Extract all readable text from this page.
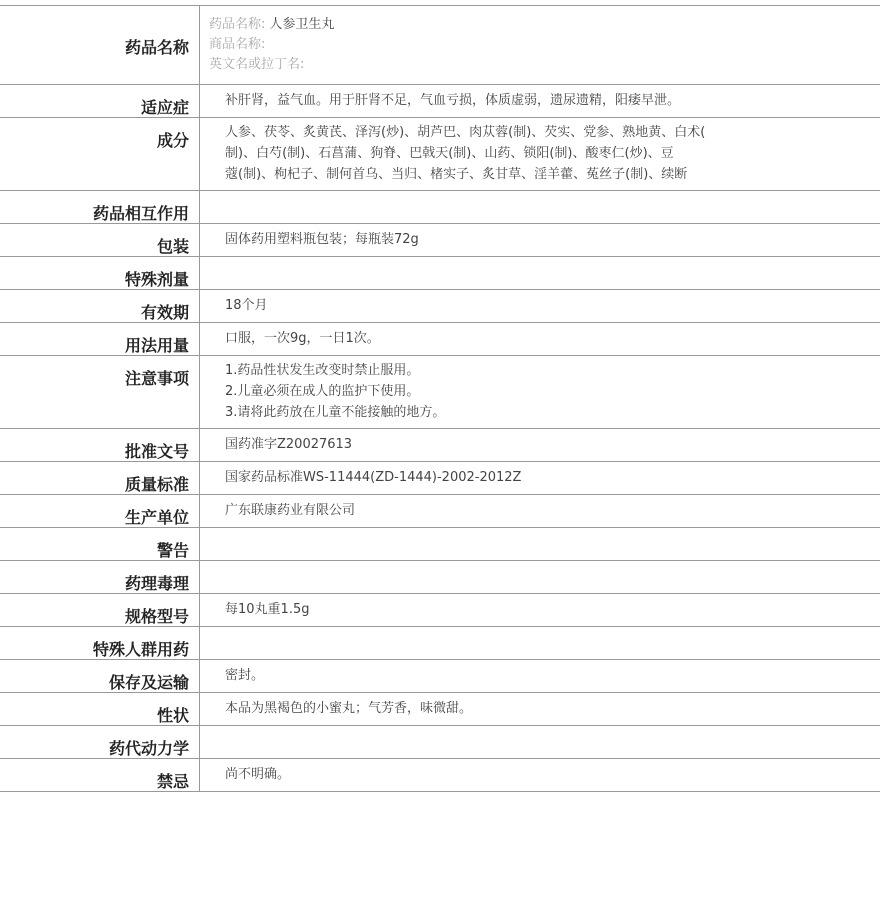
药品名称
药品名称: 人参卫生丸
商品名称:
英文名或拉丁名:
适应症	补肝肾，益气血。用于肝肾不足，气血亏损，体质虚弱，遗尿遗精，阳痿早泄。
成分	人参、茯苓、炙黄芪、泽泻(炒)、胡芦巴、肉苁蓉(制)、芡实、党参、熟地黄、白术(
制)、白芍(制)、石菖蒲、狗脊、巴戟天(制)、山药、锁阳(制)、酸枣仁(炒)、豆
蔻(制)、枸杞子、制何首乌、当归、楮实子、炙甘草、淫羊藿、菟丝子(制)、续断
药品相互作用
包装	固体药用塑料瓶包装；每瓶装72g
特殊剂量
有效期	18个月
用法用量	口服，一次9g，一日1次。
注意事项	1.药品性状发生改变时禁止服用。
2.儿童必须在成人的监护下使用。
3.请将此药放在儿童不能接触的地方。
批准文号	国药准字Z20027613
质量标准	国家药品标准WS-11444(ZD-1444)-2002-2012Z
生产单位	广东联康药业有限公司
警告
药理毒理
规格型号	每10丸重1.5g
特殊人群用药
保存及运输	密封。
性状	本品为黑褐色的小蜜丸；气芳香，味微甜。
药代动力学
禁忌	尚不明确。
